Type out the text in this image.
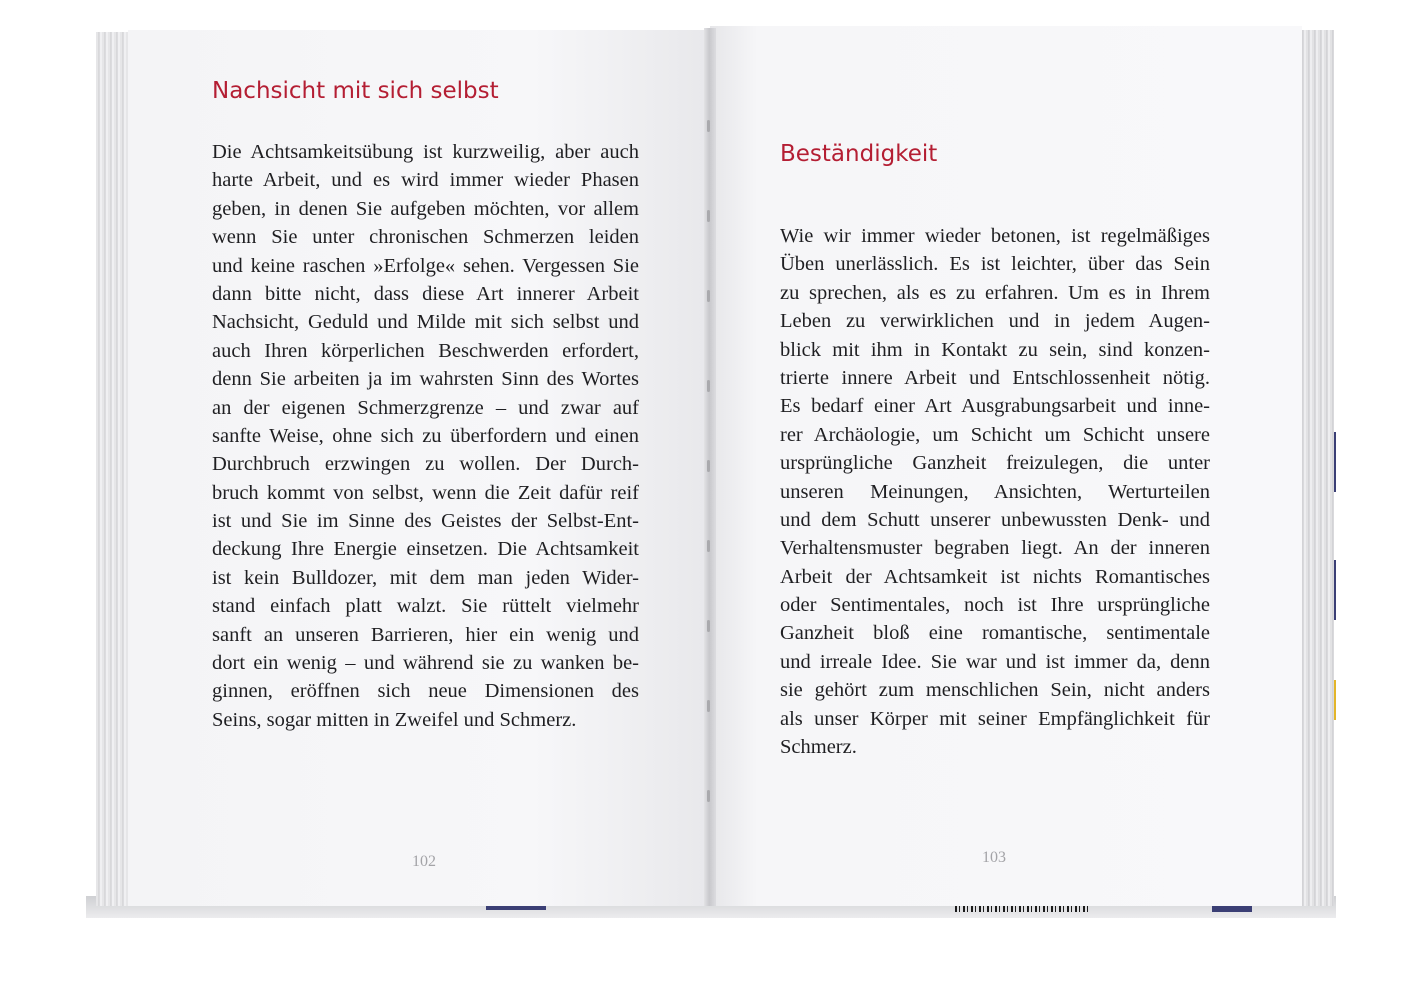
Nachsicht mit sich selbst
Die Achtsamkeitsübung ist kurzweilig, aber auch
harte Arbeit, und es wird immer wieder Phasen
geben, in denen Sie aufgeben möchten, vor allem
wenn Sie unter chronischen Schmerzen leiden
und keine raschen »Erfolge« sehen. Vergessen Sie
dann bitte nicht, dass diese Art innerer Arbeit
Nachsicht, Geduld und Milde mit sich selbst und
auch Ihren körperlichen Beschwerden erfordert,
denn Sie arbeiten ja im wahrsten Sinn des Wortes
an der eigenen Schmerzgrenze – und zwar auf
sanfte Weise, ohne sich zu überfordern und einen
Durchbruch erzwingen zu wollen. Der Durch-
bruch kommt von selbst, wenn die Zeit dafür reif
ist und Sie im Sinne des Geistes der Selbst-Ent-
deckung Ihre Energie einsetzen. Die Achtsamkeit
ist kein Bulldozer, mit dem man jeden Wider-
stand einfach platt walzt. Sie rüttelt vielmehr
sanft an unseren Barrieren, hier ein wenig und
dort ein wenig – und während sie zu wanken be-
ginnen, eröffnen sich neue Dimensionen des
Seins, sogar mitten in Zweifel und Schmerz.

102

Beständigkeit
Wie wir immer wieder betonen, ist regelmäßiges
Üben unerlässlich. Es ist leichter, über das Sein
zu sprechen, als es zu erfahren. Um es in Ihrem
Leben zu verwirklichen und in jedem Augen-
blick mit ihm in Kontakt zu sein, sind konzen-
trierte innere Arbeit und Entschlossenheit nötig.
Es bedarf einer Art Ausgrabungsarbeit und inne-
rer Archäologie, um Schicht um Schicht unsere
ursprüngliche Ganzheit freizulegen, die unter
unseren Meinungen, Ansichten, Werturteilen
und dem Schutt unserer unbewussten Denk- und
Verhaltensmuster begraben liegt. An der inneren
Arbeit der Achtsamkeit ist nichts Romantisches
oder Sentimentales, noch ist Ihre ursprüngliche
Ganzheit bloß eine romantische, sentimentale
und irreale Idee. Sie war und ist immer da, denn
sie gehört zum menschlichen Sein, nicht anders
als unser Körper mit seiner Empfänglichkeit für
Schmerz.

103
